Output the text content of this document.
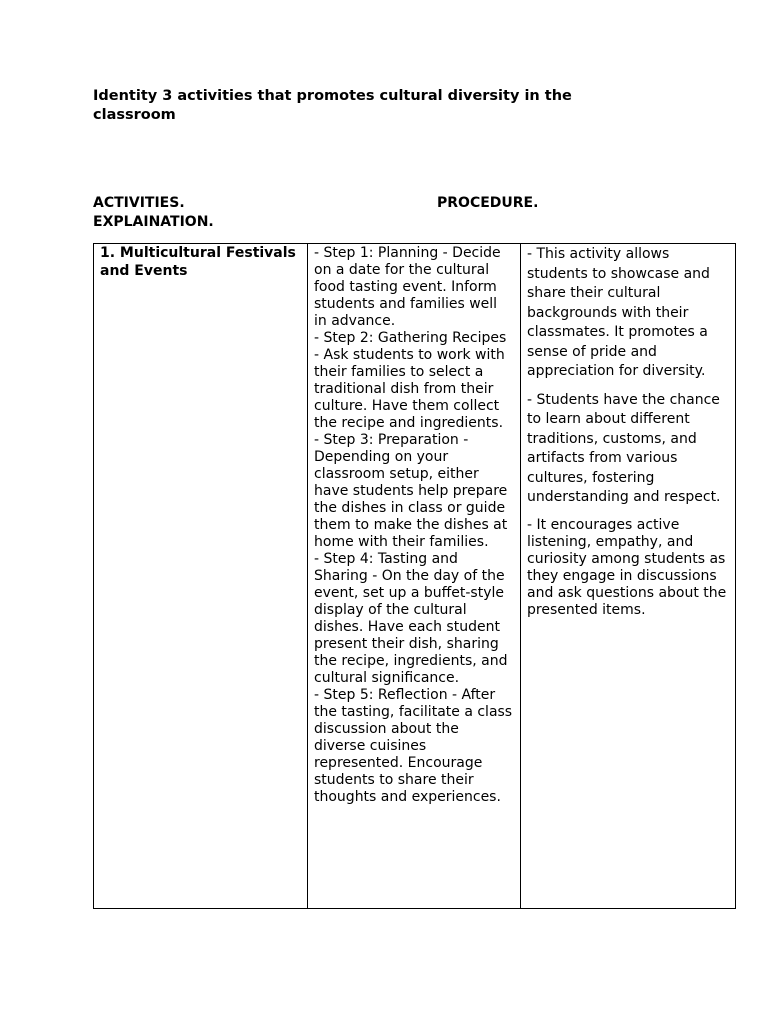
Identity 3 activities that promotes cultural diversity in the classroom
ACTIVITIES.	PROCEDURE.
EXPLAINATION.
1. Multicultural Festivals and Events

- Step 1: Planning - Decide on a date for the cultural food tasting event. Inform students and families well in advance.
- Step 2: Gathering Recipes - Ask students to work with their families to select a traditional dish from their culture. Have them collect the recipe and ingredients.
- Step 3: Preparation - Depending on your classroom setup, either have students help prepare the dishes in class or guide them to make the dishes at home with their families.
- Step 4: Tasting and Sharing - On the day of the event, set up a buffet-style display of the cultural dishes. Have each student present their dish, sharing the recipe, ingredients, and cultural significance.
- Step 5: Reflection - After the tasting, facilitate a class discussion about the diverse cuisines represented. Encourage students to share their thoughts and experiences.

- This activity allows students to showcase and share their cultural backgrounds with their classmates. It promotes a sense of pride and appreciation for diversity.
- Students have the chance to learn about different traditions, customs, and artifacts from various cultures, fostering understanding and respect.
- It encourages active listening, empathy, and curiosity among students as they engage in discussions and ask questions about the presented items.
